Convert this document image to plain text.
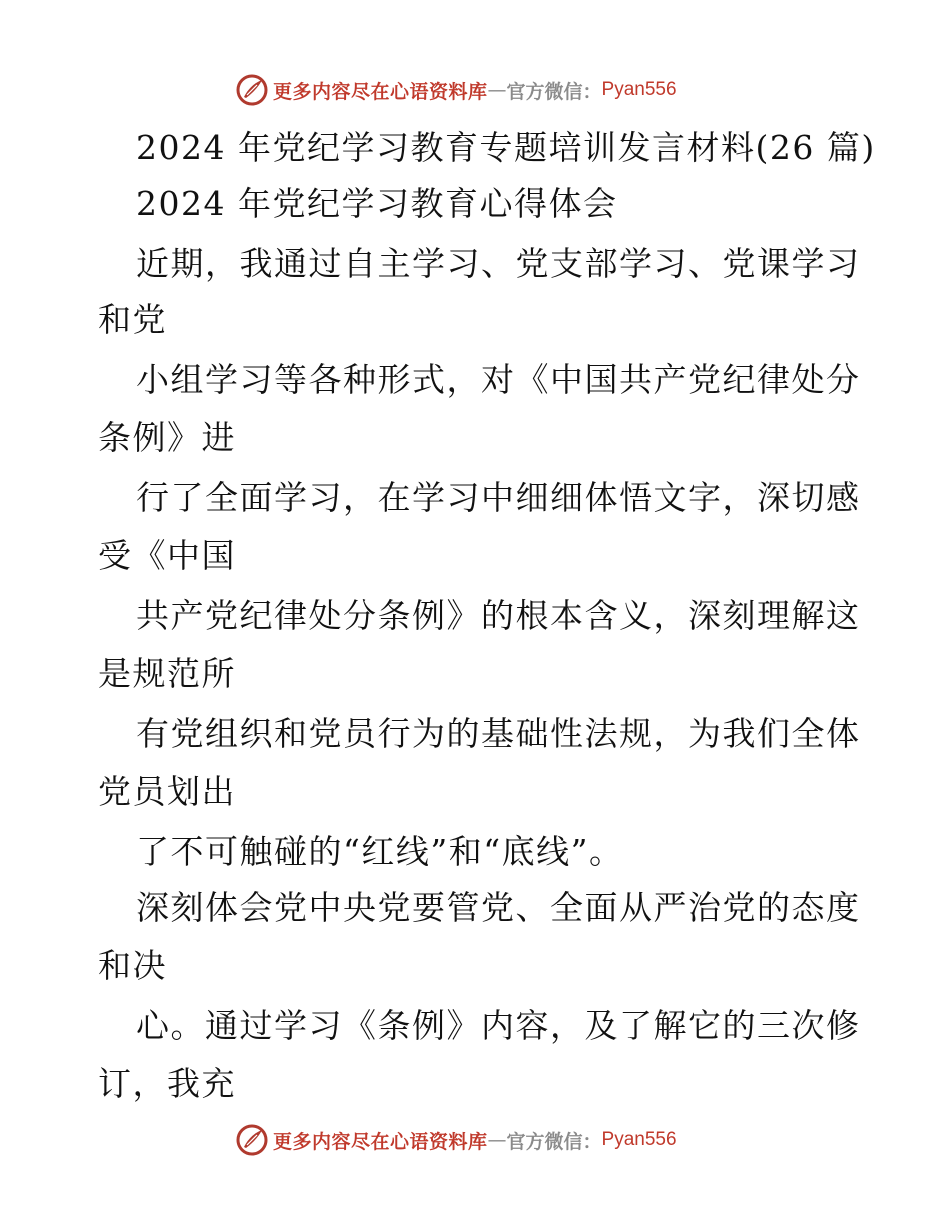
更多内容尽在心语资料库 — 官方微信： Pyan556
2024 年党纪学习教育专题培训发言材料(26 篇)
2024 年党纪学习教育心得体会
近期，我通过自主学习、党支部学习、党课学习
和党
小组学习等各种形式，对《中国共产党纪律处分
条例》进
行了全面学习，在学习中细细体悟文字，深切感
受《中国
共产党纪律处分条例》的根本含义，深刻理解这
是规范所
有党组织和党员行为的基础性法规，为我们全体
党员划出
了不可触碰的“红线”和“底线”。
深刻体会党中央党要管党、全面从严治党的态度
和决
心。通过学习《条例》内容，及了解它的三次修
订，我充
更多内容尽在心语资料库 — 官方微信： Pyan556
